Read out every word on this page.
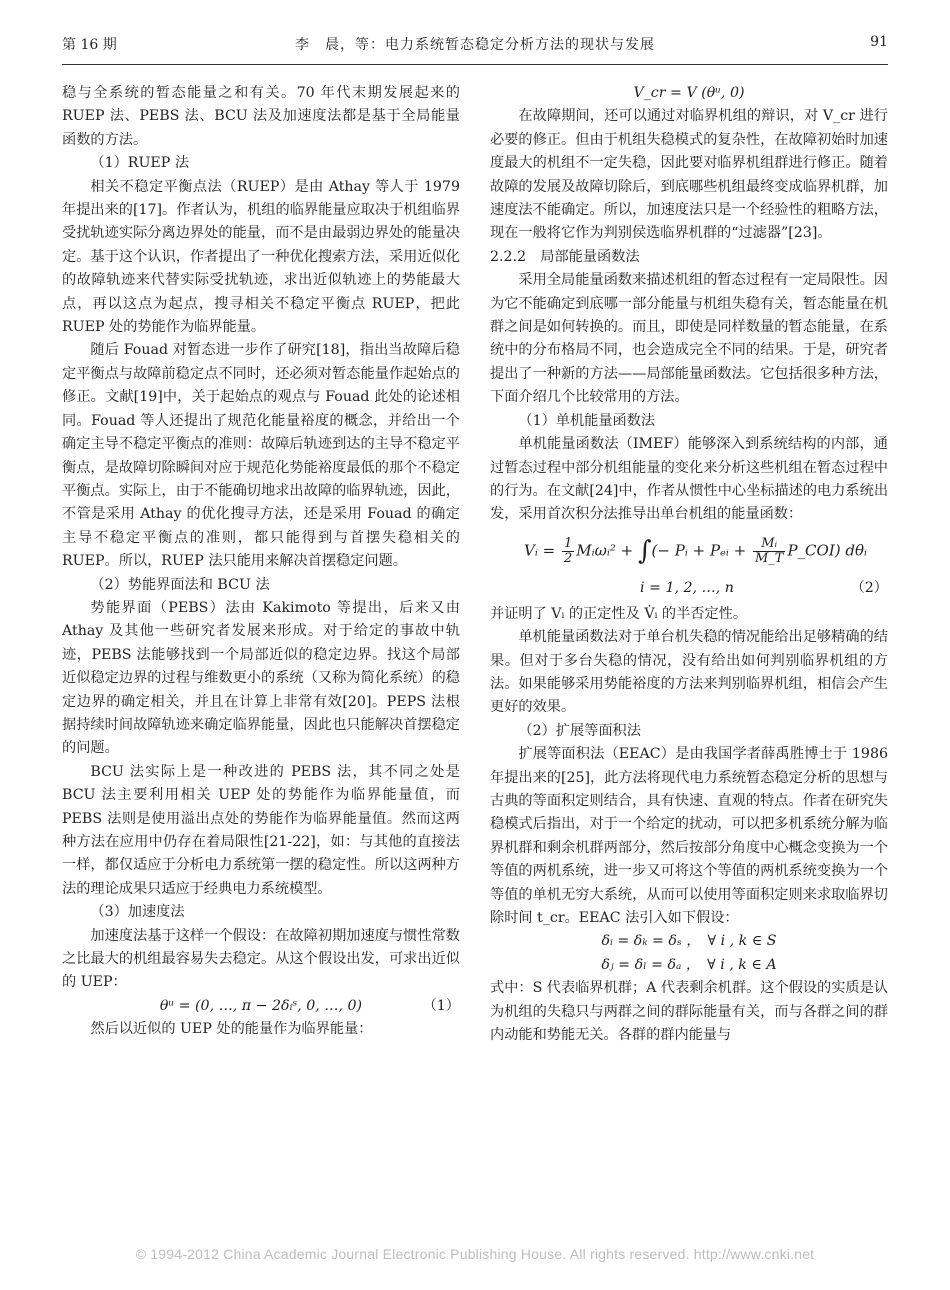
第 16 期	李　晨，等：电力系统暂态稳定分析方法的现状与发展	91

稳与全系统的暂态能量之和有关。70 年代末期发展起来的 RUEP 法、PEBS 法、BCU 法及加速度法都是基于全局能量函数的方法。

（1）RUEP 法

相关不稳定平衡点法（RUEP）是由 Athay 等人于 1979 年提出来的[17]。作者认为，机组的临界能量应取决于机组临界受扰轨迹实际分离边界处的能量，而不是由最弱边界处的能量决定。基于这个认识，作者提出了一种优化搜索方法，采用近似化的故障轨迹来代替实际受扰轨迹，求出近似轨迹上的势能最大点，再以这点为起点，搜寻相关不稳定平衡点 RUEP，把此 RUEP 处的势能作为临界能量。

随后 Fouad 对暂态进一步作了研究[18]，指出当故障后稳定平衡点与故障前稳定点不同时，还必须对暂态能量作起始点的修正。文献[19]中，关于起始点的观点与 Fouad 此处的论述相同。Fouad 等人还提出了规范化能量裕度的概念，并给出一个确定主导不稳定平衡点的准则：故障后轨迹到达的主导不稳定平衡点，是故障切除瞬间对应于规范化势能裕度最低的那个不稳定平衡点。实际上，由于不能确切地求出故障的临界轨迹，因此，不管是采用 Athay 的优化搜寻方法，还是采用 Fouad 的确定主导不稳定平衡点的准则，都只能得到与首摆失稳相关的 RUEP。所以，RUEP 法只能用来解决首摆稳定问题。

（2）势能界面法和 BCU 法

势能界面（PEBS）法由 Kakimoto 等提出，后来又由 Athay 及其他一些研究者发展来形成。对于给定的事故中轨迹，PEBS 法能够找到一个局部近似的稳定边界。找这个局部近似稳定边界的过程与维数更小的系统（又称为简化系统）的稳定边界的确定相关，并且在计算上非常有效[20]。PEPS 法根据持续时间故障轨迹来确定临界能量，因此也只能解决首摆稳定的问题。

BCU 法实际上是一种改进的 PEBS 法，其不同之处是 BCU 法主要利用相关 UEP 处的势能作为临界能量值，而 PEBS 法则是使用溢出点处的势能作为临界能量值。然而这两种方法在应用中仍存在着局限性[21-22]，如：与其他的直接法一样，都仅适应于分析电力系统第一摆的稳定性。所以这两种方法的理论成果只适应于经典电力系统模型。

（3）加速度法

加速度法基于这样一个假设：在故障初期加速度与惯性常数之比最大的机组最容易失去稳定。从这个假设出发，可求出近似的 UEP：

θᵘ = (0, …, π − 2δᵢˢ, 0, …, 0)	（1）

然后以近似的 UEP 处的能量作为临界能量：

V_cr = V (θᵘ, 0)

在故障期间，还可以通过对临界机组的辩识，对 V_cr 进行必要的修正。但由于机组失稳模式的复杂性，在故障初始时加速度最大的机组不一定失稳，因此要对临界机组群进行修正。随着故障的发展及故障切除后，到底哪些机组最终变成临界机群，加速度法不能确定。所以，加速度法只是一个经验性的粗略方法，现在一般将它作为判别侯选临界机群的“过滤器”[23]。

2.2.2　局部能量函数法

采用全局能量函数来描述机组的暂态过程有一定局限性。因为它不能确定到底哪一部分能量与机组失稳有关，暂态能量在机群之间是如何转换的。而且，即使是同样数量的暂态能量，在系统中的分布格局不同，也会造成完全不同的结果。于是，研究者提出了一种新的方法——局部能量函数法。它包括很多种方法，下面介绍几个比较常用的方法。

（1）单机能量函数法

单机能量函数法（IMEF）能够深入到系统结构的内部，通过暂态过程中部分机组能量的变化来分析这些机组在暂态过程中的行为。在文献[24]中，作者从惯性中心坐标描述的电力系统出发，采用首次积分法推导出单台机组的能量函数：

Vᵢ = $\frac{1}{2}$ Mᵢωᵢ² + ∫(− Pᵢ + Pₑᵢ + $\frac{\text{Mᵢ}}{M\_T}$ P_COI) dθᵢ
i = 1, 2, …, n	（2）

并证明了 Vᵢ 的正定性及 V̇ᵢ 的半否定性。

单机能量函数法对于单台机失稳的情况能给出足够精确的结果。但对于多台失稳的情况，没有给出如何判别临界机组的方法。如果能够采用势能裕度的方法来判别临界机组，相信会产生更好的效果。

（2）扩展等面积法

扩展等面积法（EEAC）是由我国学者薛禹胜博士于 1986 年提出来的[25]，此方法将现代电力系统暂态稳定分析的思想与古典的等面积定则结合，具有快速、直观的特点。作者在研究失稳模式后指出，对于一个给定的扰动，可以把多机系统分解为临界机群和剩余机群两部分，然后按部分角度中心概念变换为一个等值的两机系统，进一步又可将这个等值的两机系统变换为一个等值的单机无穷大系统，从而可以使用等面积定则来求取临界切除时间 t_cr。EEAC 法引入如下假设：

δᵢ = δₖ = δₛ ，　∀ i , k ∈ S
δⱼ = δₗ = δₐ ，　∀ i , k ∈ A

式中：S 代表临界机群；A 代表剩余机群。这个假设的实质是认为机组的失稳只与两群之间的群际能量有关，而与各群之间的群内动能和势能无关。各群的群内能量与

© 1994-2012 China Academic Journal Electronic Publishing House. All rights reserved. http://www.cnki.net
